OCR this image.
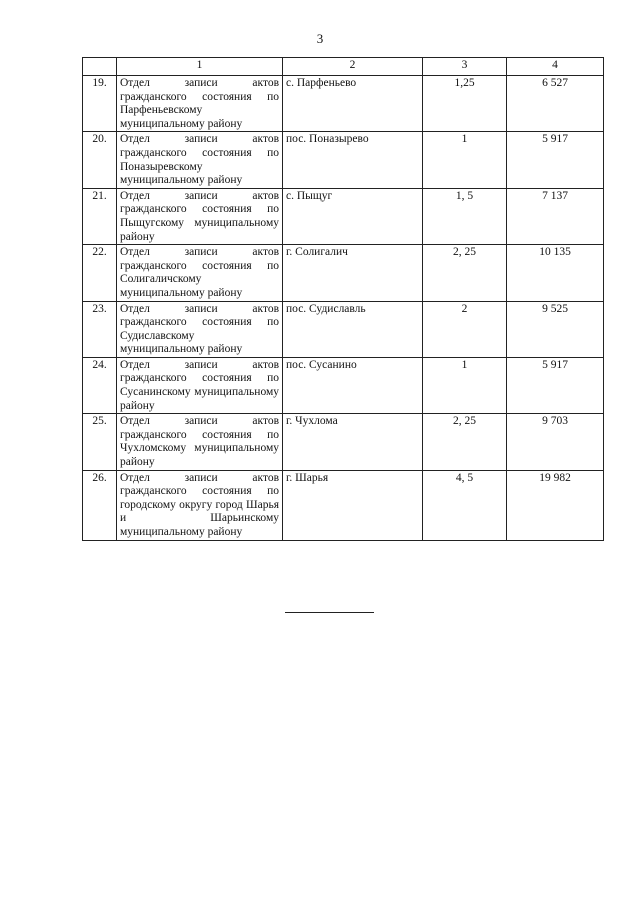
3
	1	2	3	4
19.	Отдел записи актов гражданского состояния по Парфеньевскому муниципальному району	с. Парфеньево	1,25	6 527
20.	Отдел записи актов гражданского состояния по Поназыревскому муниципальному району	пос. Поназырево	1	5 917
21.	Отдел записи актов гражданского состояния по Пыщугскому муниципальному району	с. Пыщуг	1, 5	7 137
22.	Отдел записи актов гражданского состояния по Солигаличскому муниципальному району	г. Солигалич	2, 25	10 135
23.	Отдел записи актов гражданского состояния по Судиславскому муниципальному району	пос. Судиславль	2	9 525
24.	Отдел записи актов гражданского состояния по Сусанинскому муниципальному району	пос. Сусанино	1	5 917
25.	Отдел записи актов гражданского состояния по Чухломскому муниципальному району	г. Чухлома	2, 25	9 703
26.	Отдел записи актов гражданского состояния по городскому округу город Шарья и Шарьинскому муниципальному району	г. Шарья	4, 5	19 982
